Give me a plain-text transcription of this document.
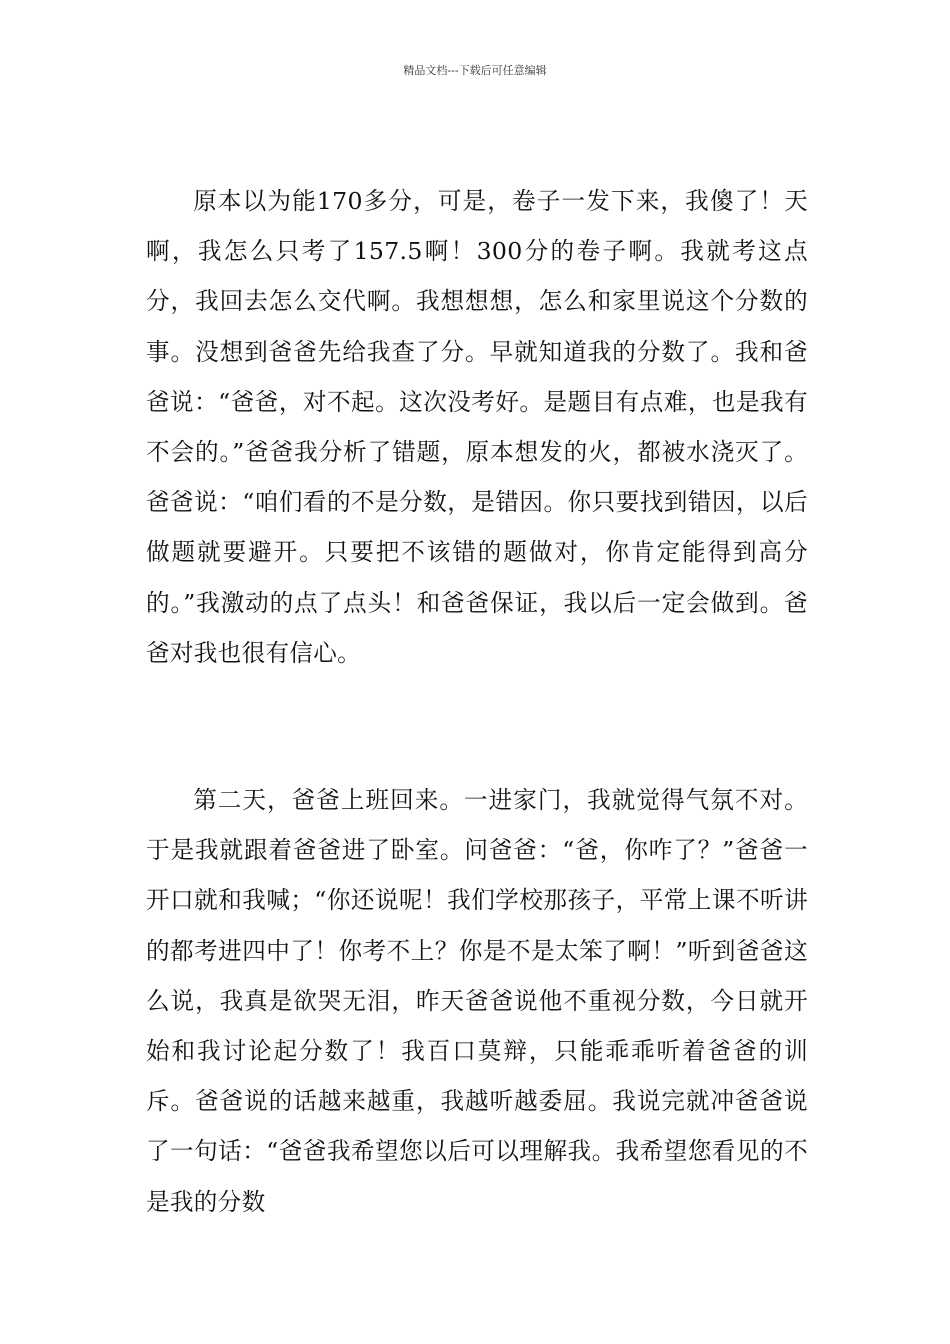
精品文档---下载后可任意编辑

原本以为能170多分，可是，卷子一发下来，我傻了！天啊，我怎么只考了157.5啊！300分的卷子啊。我就考这点分，我回去怎么交代啊。我想想想，怎么和家里说这个分数的事。没想到爸爸先给我查了分。早就知道我的分数了。我和爸爸说：“爸爸，对不起。这次没考好。是题目有点难，也是我有不会的。”爸爸我分析了错题，原本想发的火，都被水浇灭了。爸爸说：“咱们看的不是分数，是错因。你只要找到错因，以后做题就要避开。只要把不该错的题做对，你肯定能得到高分的。”我激动的点了点头！和爸爸保证，我以后一定会做到。爸爸对我也很有信心。

第二天，爸爸上班回来。一进家门，我就觉得气氛不对。于是我就跟着爸爸进了卧室。问爸爸：“爸，你咋了？”爸爸一开口就和我喊；“你还说呢！我们学校那孩子，平常上课不听讲的都考进四中了！你考不上？你是不是太笨了啊！”听到爸爸这么说，我真是欲哭无泪，昨天爸爸说他不重视分数，今日就开始和我讨论起分数了！我百口莫辩，只能乖乖听着爸爸的训斥。爸爸说的话越来越重，我越听越委屈。我说完就冲爸爸说了一句话：“爸爸我希望您以后可以理解我。我希望您看见的不是我的分数
